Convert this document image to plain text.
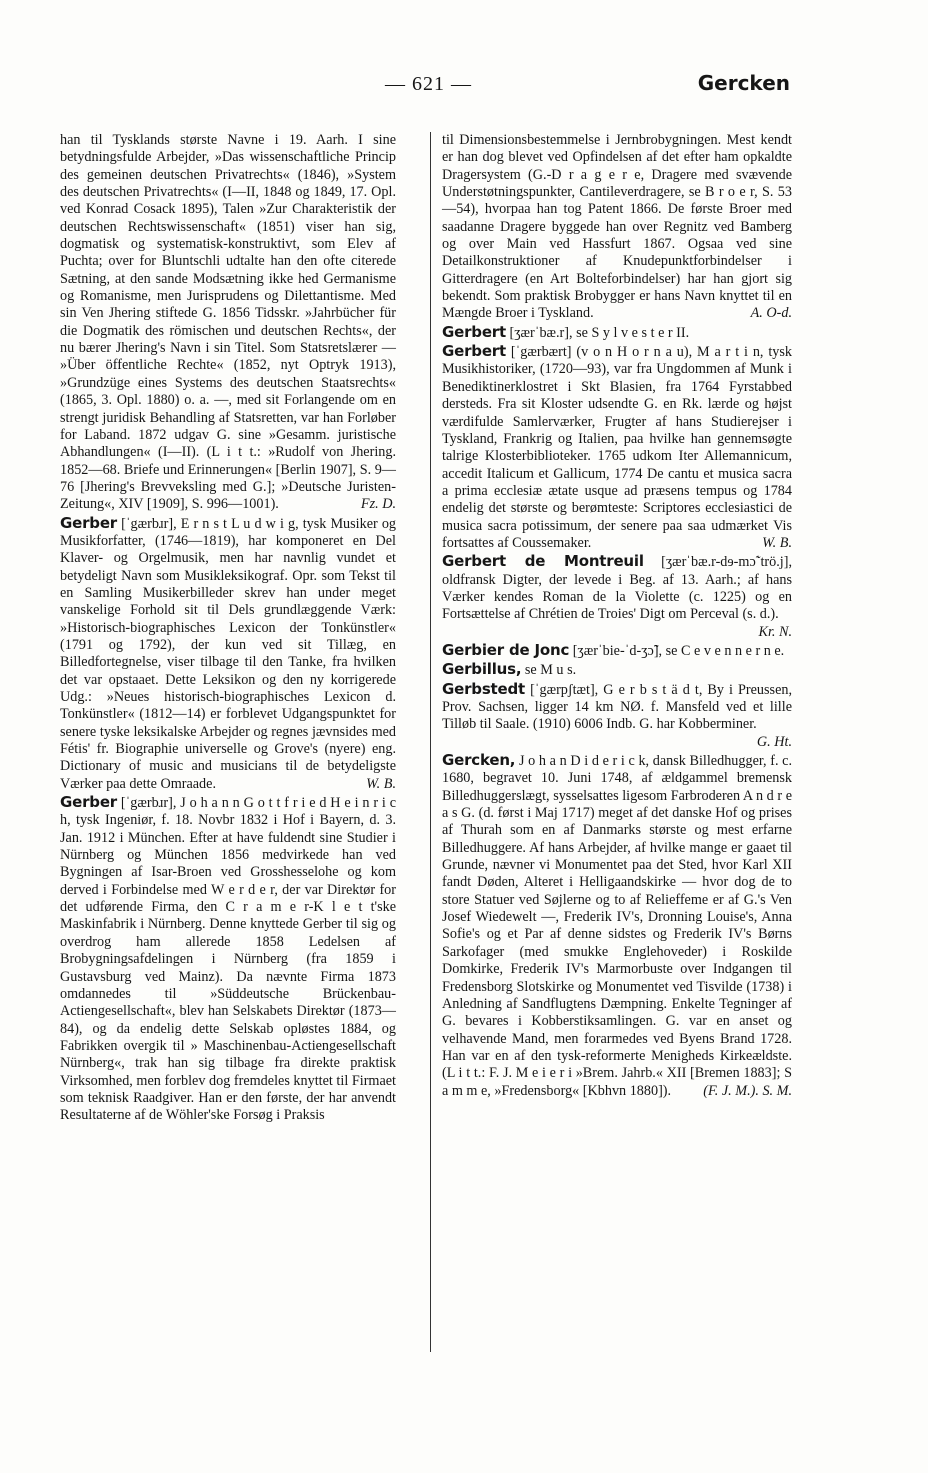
— 621 —	Gercken

han til Tysklands største Navne i 19. Aarh. I sine betydningsfulde Arbejder, »Das wissenschaftliche Princip des gemeinen deutschen Privatrechts« (1846), »System des deutschen Privatrechts« (I—II, 1848 og 1849, 17. Opl. ved Konrad Cosack 1895), Talen »Zur Charakteristik der deutschen Rechtswissenschaft« (1851) viser han sig, dogmatisk og systematisk-konstruktivt, som Elev af Puchta; over for Bluntschli udtalte han den ofte citerede Sætning, at den sande Modsætning ikke hed Germanisme og Romanisme, men Jurisprudens og Dilettantisme. Med sin Ven Jhering stiftede G. 1856 Tidsskr. »Jahrbücher für die Dogmatik des römischen und deutschen Rechts«, der nu bærer Jhering's Navn i sin Titel. Som Statsretslærer — »Über öffentliche Rechte« (1852, nyt Optryk 1913), »Grundzüge eines Systems des deutschen Staatsrechts« (1865, 3. Opl. 1880) o. a. —, med sit Forlangende om en strengt juridisk Behandling af Statsretten, var han Forløber for Laband. 1872 udgav G. sine »Gesamm. juristische Abhandlungen« (I—II). (L i t t.: »Rudolf von Jhering. 1852—68. Briefe und Erinnerungen« [Berlin 1907], S. 9—76 [Jhering's Brevveksling med G.]; »Deutsche Juristen-Zeitung«, XIV [1909], S. 996—1001).	Fz. D.

Gerber [ˈgærbɹr], E r n s t L u d w i g, tysk Musiker og Musikforfatter, (1746—1819), har komponeret en Del Klaver- og Orgelmusik, men har navnlig vundet et betydeligt Navn som Musikleksikograf. Opr. som Tekst til en Samling Musikerbilleder skrev han under meget vanskelige Forhold sit til Dels grundlæggende Værk: »Historisch-biographisches Lexicon der Tonkünstler« (1791 og 1792), der kun ved sit Tillæg, en Billedfortegnelse, viser tilbage til den Tanke, fra hvilken det var opstaaet. Dette Leksikon og den ny korrigerede Udg.: »Neues historisch-biographisches Lexicon d. Tonkünstler« (1812—14) er forblevet Udgangspunktet for senere tyske leksikalske Arbejder og regnes jævnsides med Fétis' fr. Biographie universelle og Grove's (nyere) eng. Dictionary of music and musicians til de betydeligste Værker paa dette Omraade.	W. B.

Gerber [ˈgærbɹr], J o h a n n G o t t f r i e d H e i n r i c h, tysk Ingeniør, f. 18. Novbr 1832 i Hof i Bayern, d. 3. Jan. 1912 i München. Efter at have fuldendt sine Studier i Nürnberg og München 1856 medvirkede han ved Bygningen af Isar-Broen ved Grosshesselohe og kom derved i Forbindelse med W e r d e r, der var Direktør for det udførende Firma, den C r a m e r-K l e t t'ske Maskinfabrik i Nürnberg. Denne knyttede Gerber til sig og overdrog ham allerede 1858 Ledelsen af Brobygningsafdelingen i Nürnberg (fra 1859 i Gustavsburg ved Mainz). Da nævnte Firma 1873 omdannedes til »Süddeutsche Brückenbau-Actiengesellschaft«, blev han Selskabets Direktør (1873—84), og da endelig dette Selskab opløstes 1884, og Fabrikken overgik til » Maschinenbau-Actiengesellschaft Nürnberg«, trak han sig tilbage fra direkte praktisk Virksomhed, men forblev dog fremdeles knyttet til Firmaet som teknisk Raadgiver. Han er den første, der har anvendt Resultaterne af de Wöhler'ske Forsøg i Praksis

til Dimensionsbestemmelse i Jernbrobygningen. Mest kendt er han dog blevet ved Opfindelsen af det efter ham opkaldte Dragersystem (G.-D r a g e r e, Dragere med svævende Understøtningspunkter, Cantileverdragere, se B r o e r, S. 53—54), hvorpaa han tog Patent 1866. De første Broer med saadanne Dragere byggede han over Regnitz ved Bamberg og over Main ved Hassfurt 1867. Ogsaa ved sine Detailkonstruktioner af Knudepunktforbindelser i Gitterdragere (en Art Bolteforbindelser) har han gjort sig bekendt. Som praktisk Brobygger er hans Navn knyttet til en Mængde Broer i Tyskland.	A. O-d.

Gerbert [ʒærˈbæ.r], se S y l v e s t e r II.

Gerbert [ˈgærbært] (v o n H o r n a u), M a r t i n, tysk Musikhistoriker, (1720—93), var fra Ungdommen af Munk i Benediktinerklostret i Skt Blasien, fra 1764 Fyrstabbed dersteds. Fra sit Kloster udsendte G. en Rk. lærde og højst værdifulde Samlerværker, Frugter af hans Studierejser i Tyskland, Frankrig og Italien, paa hvilke han gennemsøgte talrige Klosterbiblioteker. 1765 udkom Iter Allemannicum, accedit Italicum et Gallicum, 1774 De cantu et musica sacra a prima ecclesiæ ætate usque ad præsens tempus og 1784 endelig det største og berømteste: Scriptores ecclesiastici de musica sacra potissimum, der senere paa saa udmærket Vis fortsattes af Coussemaker.	W. B.

Gerbert de Montreuil [ʒærˈbæ.r-dɘ-mɔ̃ˈtrö.j], oldfransk Digter, der levede i Beg. af 13. Aarh.; af hans Værker kendes Roman de la Violette (c. 1225) og en Fortsættelse af Chrétien de Troies' Digt om Perceval (s. d.).
Kr. N.

Gerbier de Jonc [ʒærˈbie-ˈd-ʒɔ̃], se C e v e n n e r n e.

Gerbillus, se M u s.

Gerbstedt [ˈgærpʃtæt], G e r b s t ä d t, By i Preussen, Prov. Sachsen, ligger 14 km NØ. f. Mansfeld ved et lille Tilløb til Saale. (1910) 6006 Indb. G. har Kobberminer.
G. Ht.

Gercken, J o h a n D i d e r i c k, dansk Billedhugger, f. c. 1680, begravet 10. Juni 1748, af ældgammel bremensk Billedhuggerslægt, sysselsattes ligesom Farbroderen A n d r e a s G. (d. først i Maj 1717) meget af det danske Hof og prises af Thurah som en af Danmarks største og mest erfarne Billedhuggere. Af hans Arbejder, af hvilke mange er gaaet til Grunde, nævner vi Monumentet paa det Sted, hvor Karl XII fandt Døden, Alteret i Helligaandskirke — hvor dog de to store Statuer ved Søjlerne og to af Relieffeme er af G.'s Ven Josef Wiedewelt —, Frederik IV's, Dronning Louise's, Anna Sofie's og et Par af denne sidstes og Frederik IV's Børns Sarkofager (med smukke Englehoveder) i Roskilde Domkirke, Frederik IV's Marmorbuste over Indgangen til Fredensborg Slotskirke og Monumentet ved Tisvilde (1738) i Anledning af Sandflugtens Dæmpning. Enkelte Tegninger af G. bevares i Kobberstiksamlingen. G. var en anset og velhavende Mand, men forarmedes ved Byens Brand 1728. Han var en af den tysk-reformerte Menigheds Kirkeældste. (L i t t.: F. J. M e i e r i »Brem. Jahrb.« XII [Bremen 1883]; S a m m e, »Fredensborg« [Kbhvn 1880]).	(F. J. M.). S. M.
